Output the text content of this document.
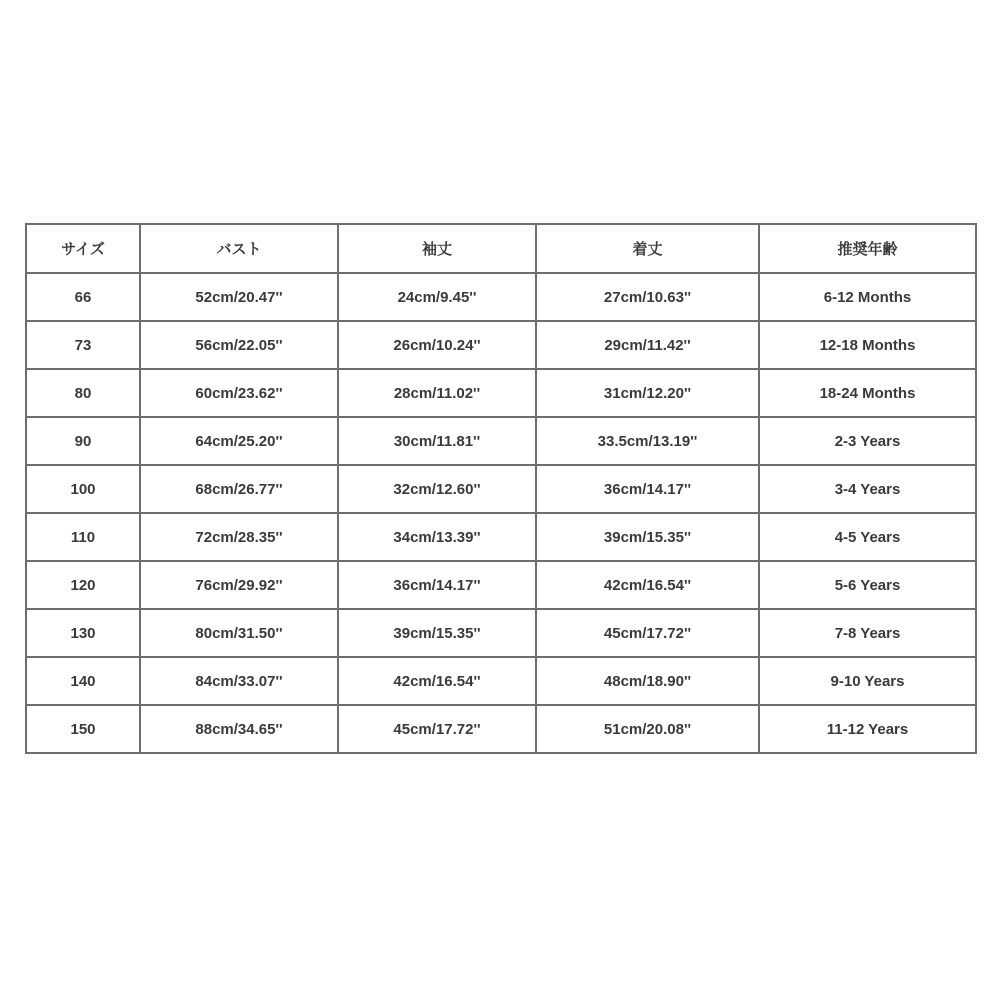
サイズ	バスト	袖丈	着丈	推奨年齢
66	52cm/20.47''	24cm/9.45''	27cm/10.63''	6-12 Months
73	56cm/22.05''	26cm/10.24''	29cm/11.42''	12-18 Months
80	60cm/23.62''	28cm/11.02''	31cm/12.20''	18-24 Months
90	64cm/25.20''	30cm/11.81''	33.5cm/13.19''	2-3 Years
100	68cm/26.77''	32cm/12.60''	36cm/14.17''	3-4 Years
110	72cm/28.35''	34cm/13.39''	39cm/15.35''	4-5 Years
120	76cm/29.92''	36cm/14.17''	42cm/16.54''	5-6 Years
130	80cm/31.50''	39cm/15.35''	45cm/17.72''	7-8 Years
140	84cm/33.07''	42cm/16.54''	48cm/18.90''	9-10 Years
150	88cm/34.65''	45cm/17.72''	51cm/20.08''	11-12 Years
